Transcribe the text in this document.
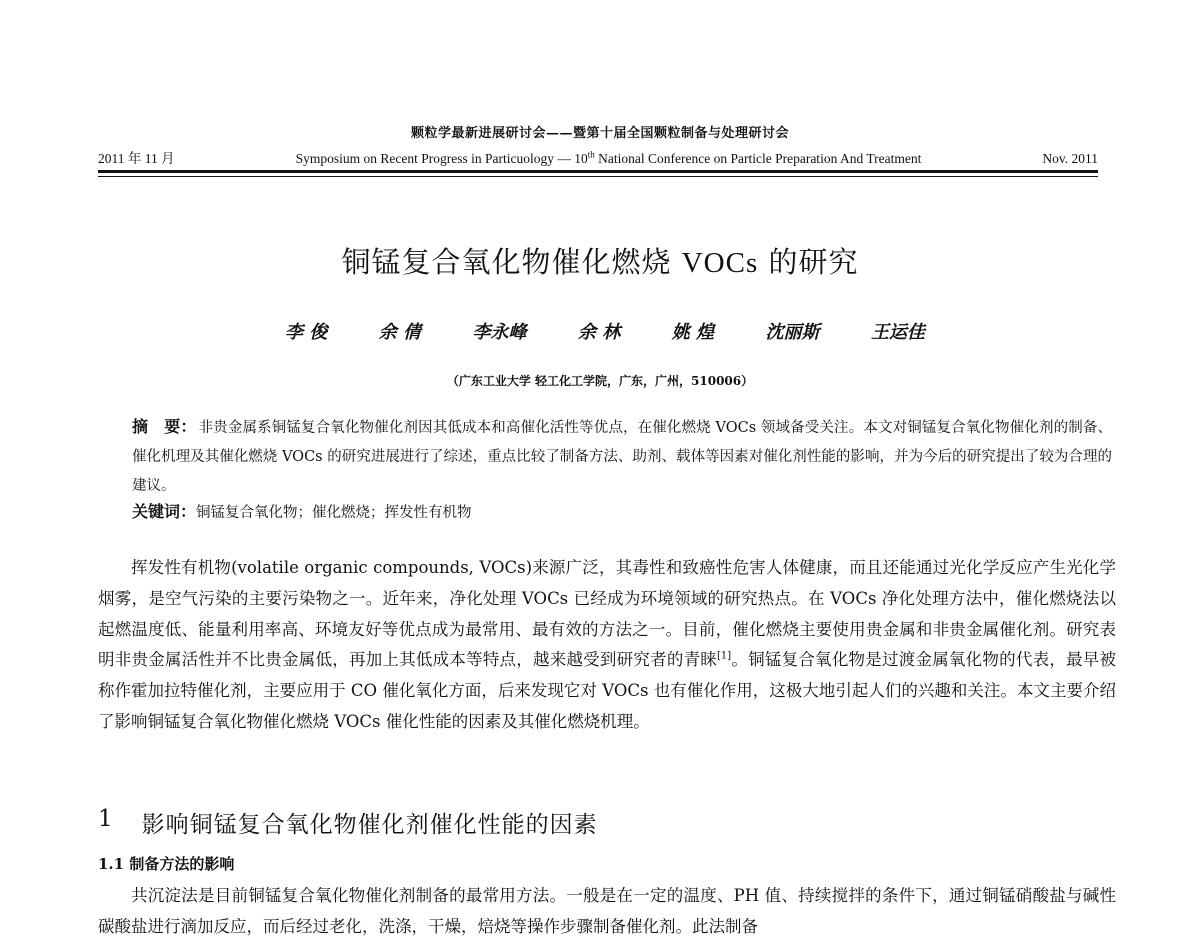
颗粒学最新进展研讨会——暨第十届全国颗粒制备与处理研讨会
2011 年 11 月	Symposium on Recent Progress in Particuology — 10th National Conference on Particle Preparation And Treatment	Nov. 2011
铜锰复合氧化物催化燃烧 VOCs 的研究
李 俊	余 倩	李永峰	余 林	姚 煌	沈丽斯	王运佳
（广东工业大学 轻工化工学院，广东，广州，510006）
摘　要： 非贵金属系铜锰复合氧化物催化剂因其低成本和高催化活性等优点，在催化燃烧 VOCs 领域备受关注。本文对铜锰复合氧化物催化剂的制备、催化机理及其催化燃烧 VOCs 的研究进展进行了综述，重点比较了制备方法、助剂、载体等因素对催化剂性能的影响，并为今后的研究提出了较为合理的建议。
关键词：铜锰复合氧化物；催化燃烧；挥发性有机物
挥发性有机物(volatile organic compounds, VOCs)来源广泛，其毒性和致癌性危害人体健康，而且还能通过光化学反应产生光化学烟雾，是空气污染的主要污染物之一。近年来，净化处理 VOCs 已经成为环境领域的研究热点。在 VOCs 净化处理方法中，催化燃烧法以起燃温度低、能量利用率高、环境友好等优点成为最常用、最有效的方法之一。目前，催化燃烧主要使用贵金属和非贵金属催化剂。研究表明非贵金属活性并不比贵金属低，再加上其低成本等特点，越来越受到研究者的青睐[1]。铜锰复合氧化物是过渡金属氧化物的代表，最早被称作霍加拉特催化剂，主要应用于 CO 催化氧化方面，后来发现它对 VOCs 也有催化作用，这极大地引起人们的兴趣和关注。本文主要介绍了影响铜锰复合氧化物催化燃烧 VOCs 催化性能的因素及其催化燃烧机理。
1 影响铜锰复合氧化物催化剂催化性能的因素
1.1 制备方法的影响
共沉淀法是目前铜锰复合氧化物催化剂制备的最常用方法。一般是在一定的温度、PH 值、持续搅拌的条件下，通过铜锰硝酸盐与碱性碳酸盐进行滴加反应，而后经过老化，洗涤，干燥，焙烧等操作步骤制备催化剂。此法制备
